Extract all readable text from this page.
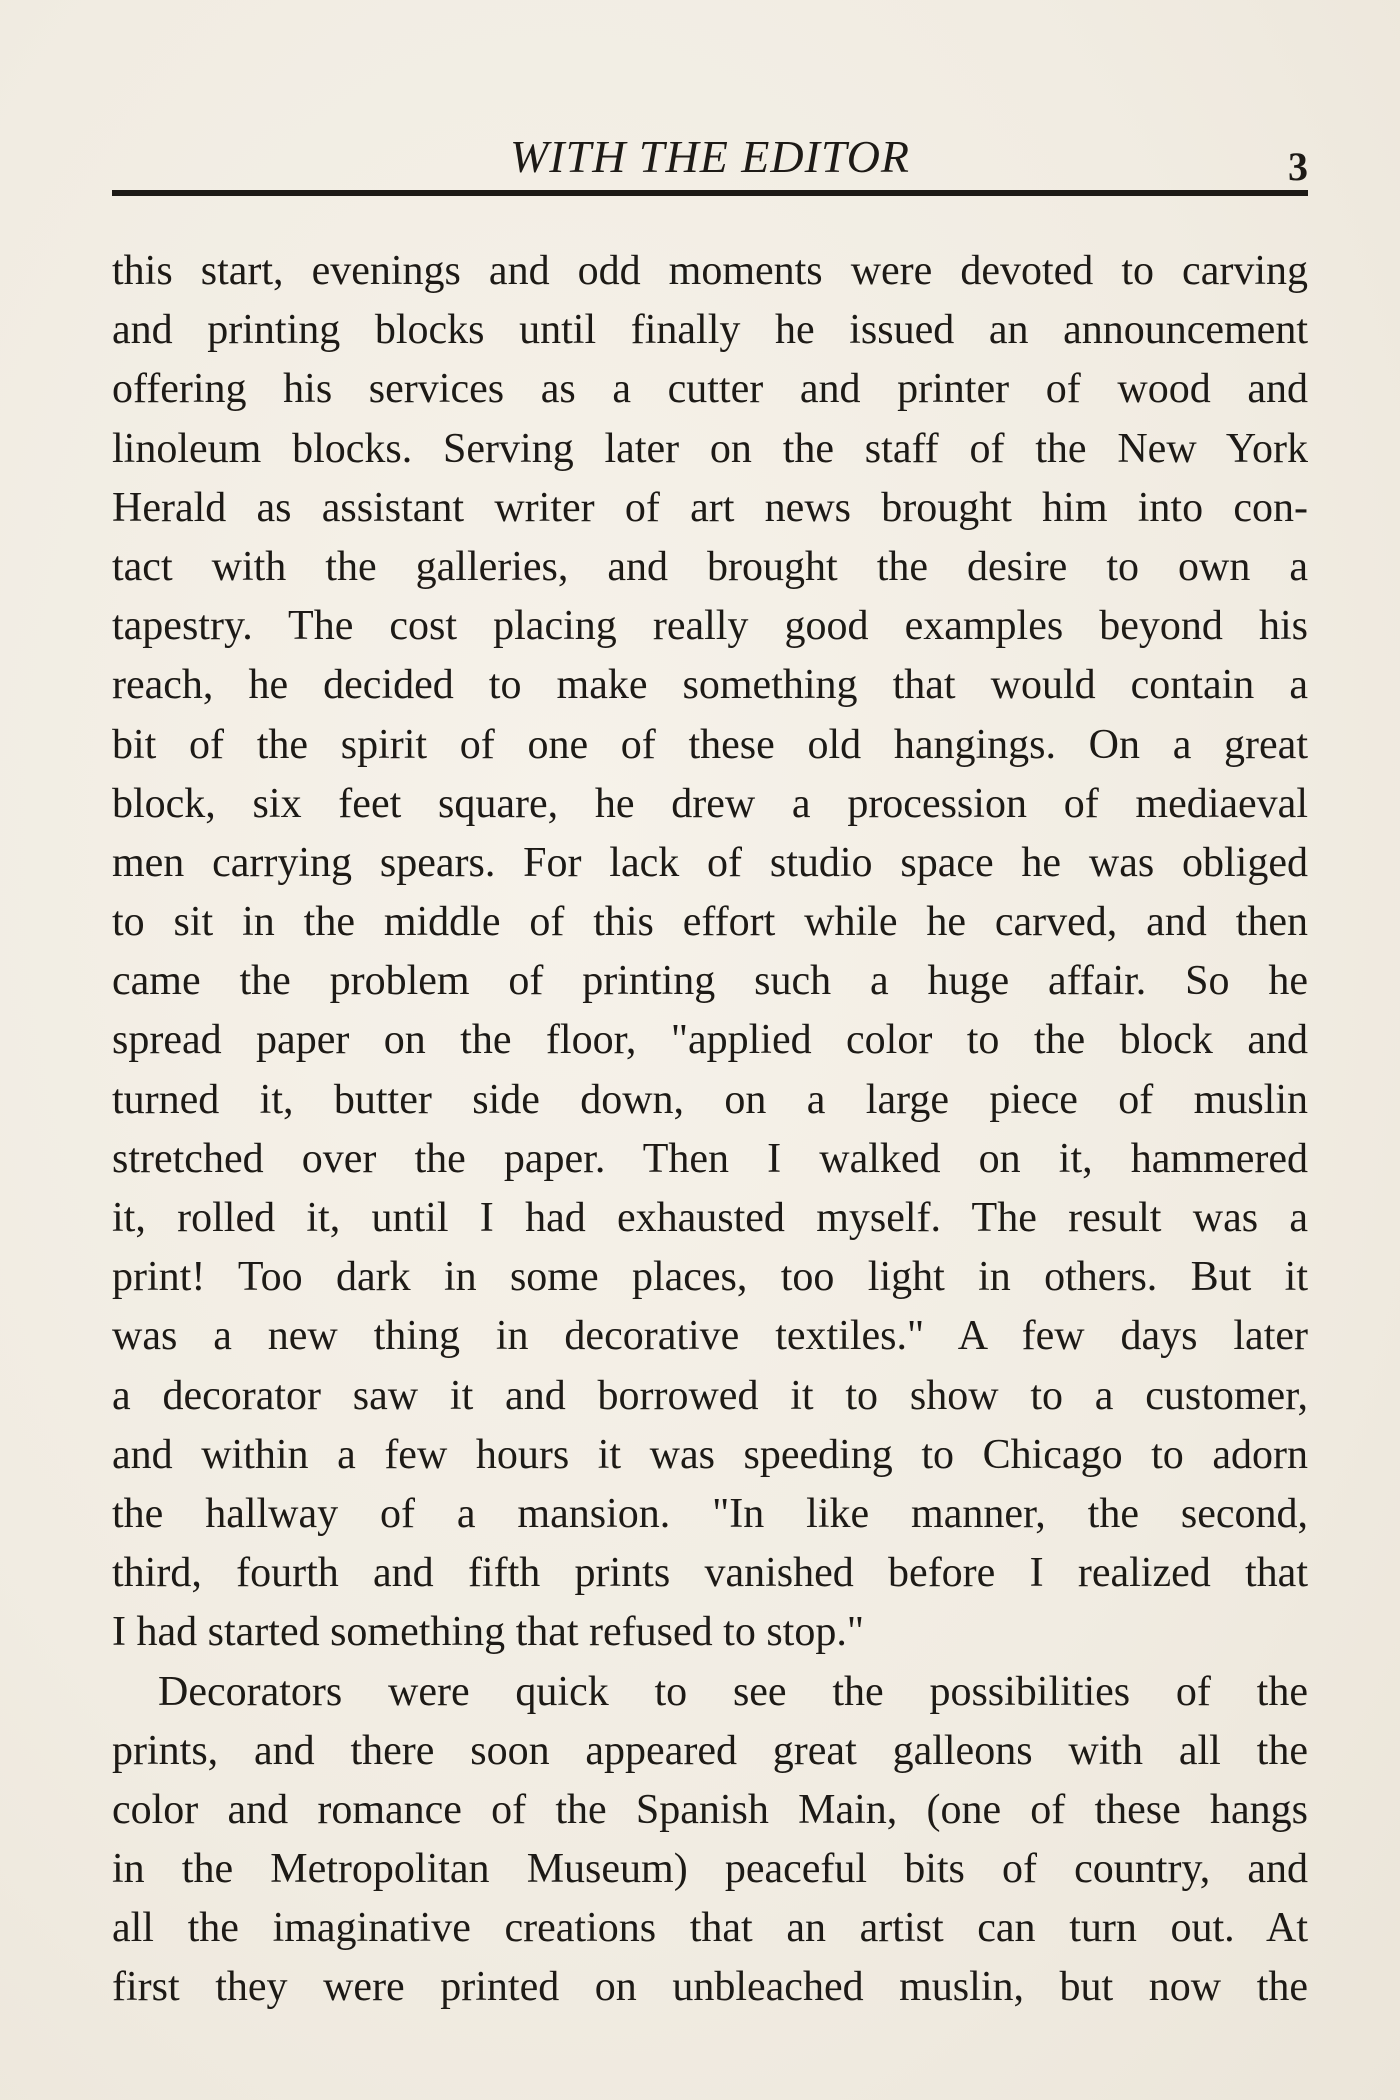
WITH THE EDITOR	3
this start, evenings and odd moments were devoted to carving
and printing blocks until finally he issued an announcement
offering his services as a cutter and printer of wood and
linoleum blocks. Serving later on the staff of the New York
Herald as assistant writer of art news brought him into con-
tact with the galleries, and brought the desire to own a
tapestry. The cost placing really good examples beyond his
reach, he decided to make something that would contain a
bit of the spirit of one of these old hangings. On a great
block, six feet square, he drew a procession of mediaeval
men carrying spears. For lack of studio space he was obliged
to sit in the middle of this effort while he carved, and then
came the problem of printing such a huge affair. So he
spread paper on the floor, "applied color to the block and
turned it, butter side down, on a large piece of muslin
stretched over the paper. Then I walked on it, hammered
it, rolled it, until I had exhausted myself. The result was a
print! Too dark in some places, too light in others. But it
was a new thing in decorative textiles." A few days later
a decorator saw it and borrowed it to show to a customer,
and within a few hours it was speeding to Chicago to adorn
the hallway of a mansion. "In like manner, the second,
third, fourth and fifth prints vanished before I realized that
I had started something that refused to stop."
Decorators were quick to see the possibilities of the
prints, and there soon appeared great galleons with all the
color and romance of the Spanish Main, (one of these hangs
in the Metropolitan Museum) peaceful bits of country, and
all the imaginative creations that an artist can turn out. At
first they were printed on unbleached muslin, but now the
